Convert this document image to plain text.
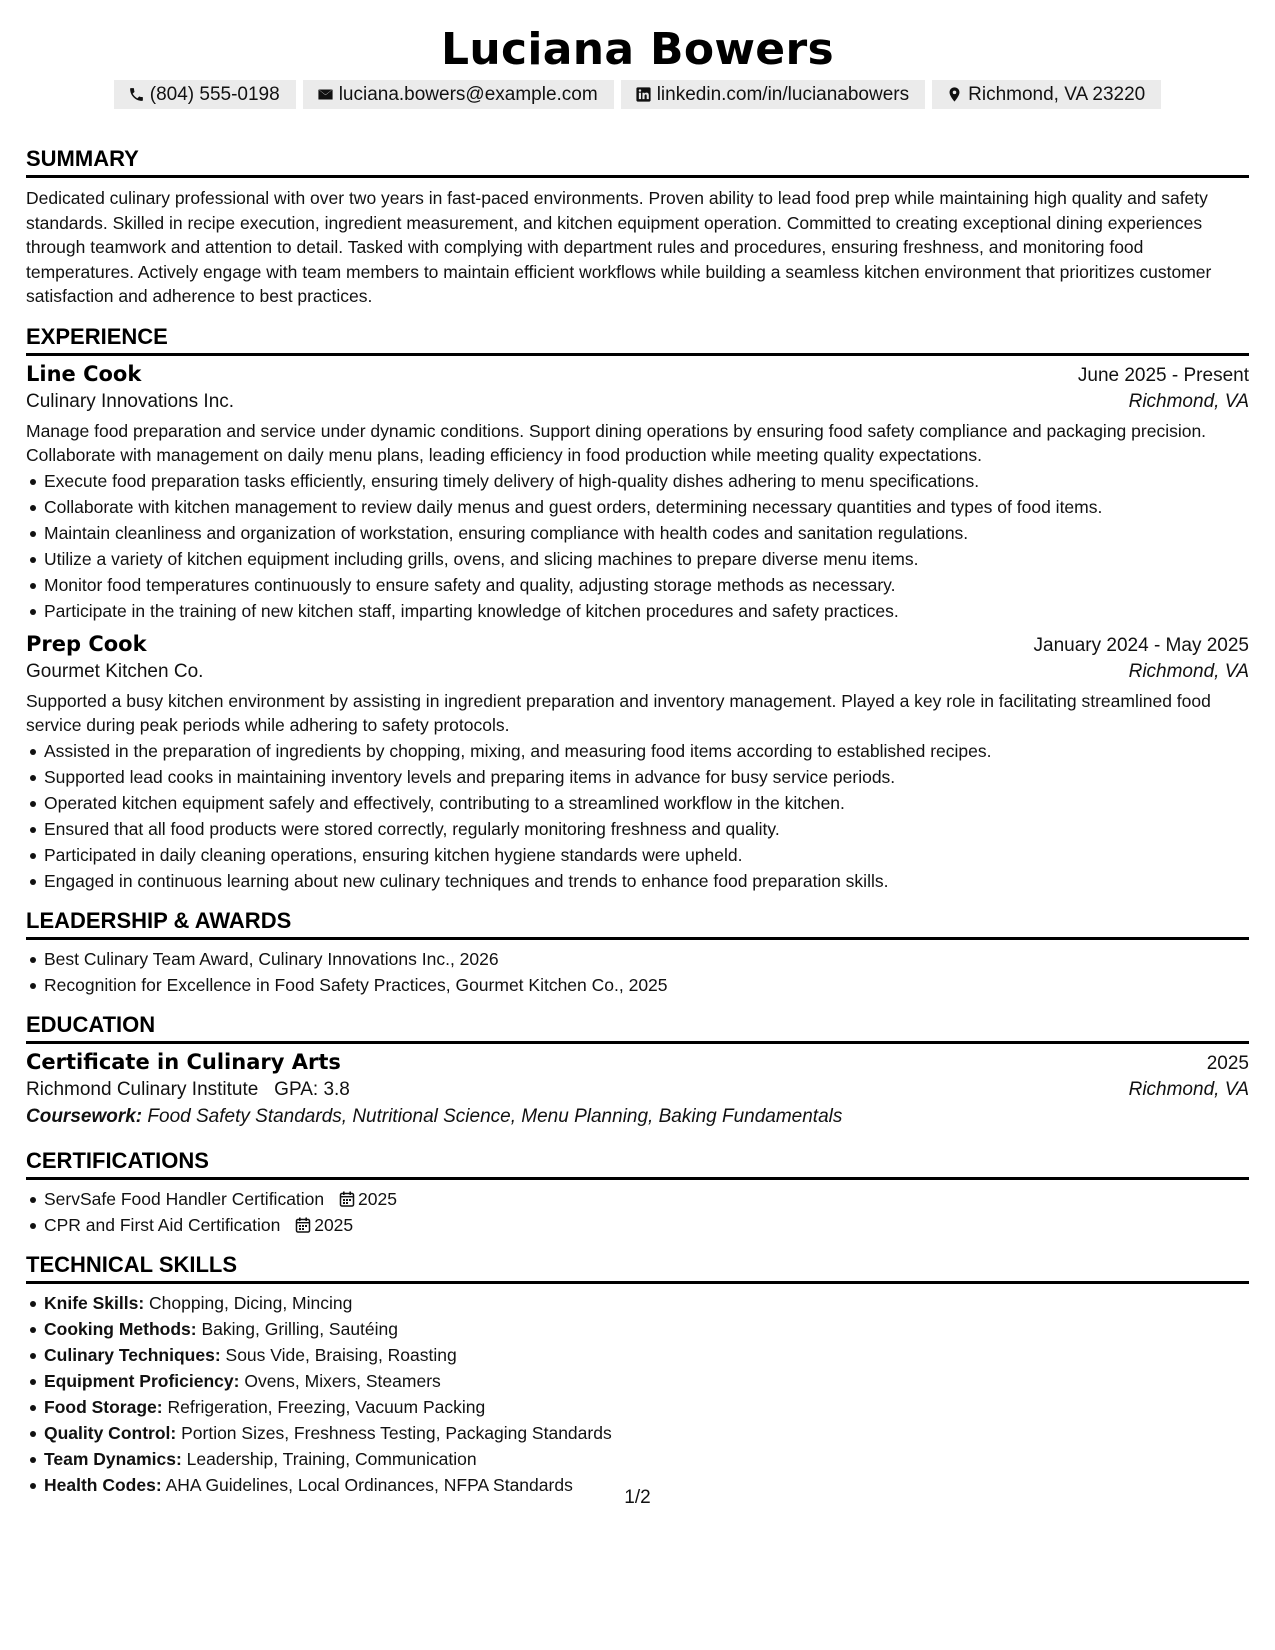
Luciana Bowers
(804) 555-0198	luciana.bowers@example.com	linkedin.com/in/lucianabowers	Richmond, VA 23220
SUMMARY
Dedicated culinary professional with over two years in fast-paced environments. Proven ability to lead food prep while maintaining high quality and safety standards. Skilled in recipe execution, ingredient measurement, and kitchen equipment operation. Committed to creating exceptional dining experiences through teamwork and attention to detail. Tasked with complying with department rules and procedures, ensuring freshness, and monitoring food temperatures. Actively engage with team members to maintain efficient workflows while building a seamless kitchen environment that prioritizes customer satisfaction and adherence to best practices.
EXPERIENCE
Line Cook	June 2025 - Present
Culinary Innovations Inc.	Richmond, VA
Manage food preparation and service under dynamic conditions. Support dining operations by ensuring food safety compliance and packaging precision. Collaborate with management on daily menu plans, leading efficiency in food production while meeting quality expectations.
Execute food preparation tasks efficiently, ensuring timely delivery of high-quality dishes adhering to menu specifications.
Collaborate with kitchen management to review daily menus and guest orders, determining necessary quantities and types of food items.
Maintain cleanliness and organization of workstation, ensuring compliance with health codes and sanitation regulations.
Utilize a variety of kitchen equipment including grills, ovens, and slicing machines to prepare diverse menu items.
Monitor food temperatures continuously to ensure safety and quality, adjusting storage methods as necessary.
Participate in the training of new kitchen staff, imparting knowledge of kitchen procedures and safety practices.
Prep Cook	January 2024 - May 2025
Gourmet Kitchen Co.	Richmond, VA
Supported a busy kitchen environment by assisting in ingredient preparation and inventory management. Played a key role in facilitating streamlined food service during peak periods while adhering to safety protocols.
Assisted in the preparation of ingredients by chopping, mixing, and measuring food items according to established recipes.
Supported lead cooks in maintaining inventory levels and preparing items in advance for busy service periods.
Operated kitchen equipment safely and effectively, contributing to a streamlined workflow in the kitchen.
Ensured that all food products were stored correctly, regularly monitoring freshness and quality.
Participated in daily cleaning operations, ensuring kitchen hygiene standards were upheld.
Engaged in continuous learning about new culinary techniques and trends to enhance food preparation skills.
LEADERSHIP & AWARDS
Best Culinary Team Award, Culinary Innovations Inc., 2026
Recognition for Excellence in Food Safety Practices, Gourmet Kitchen Co., 2025
EDUCATION
Certificate in Culinary Arts	2025
Richmond Culinary Institute GPA: 3.8	Richmond, VA
Coursework: Food Safety Standards, Nutritional Science, Menu Planning, Baking Fundamentals
CERTIFICATIONS
ServSafe Food Handler Certification 2025
CPR and First Aid Certification 2025
TECHNICAL SKILLS
Knife Skills: Chopping, Dicing, Mincing
Cooking Methods: Baking, Grilling, Sautéing
Culinary Techniques: Sous Vide, Braising, Roasting
Equipment Proficiency: Ovens, Mixers, Steamers
Food Storage: Refrigeration, Freezing, Vacuum Packing
Quality Control: Portion Sizes, Freshness Testing, Packaging Standards
Team Dynamics: Leadership, Training, Communication
Health Codes: AHA Guidelines, Local Ordinances, NFPA Standards
1/2
